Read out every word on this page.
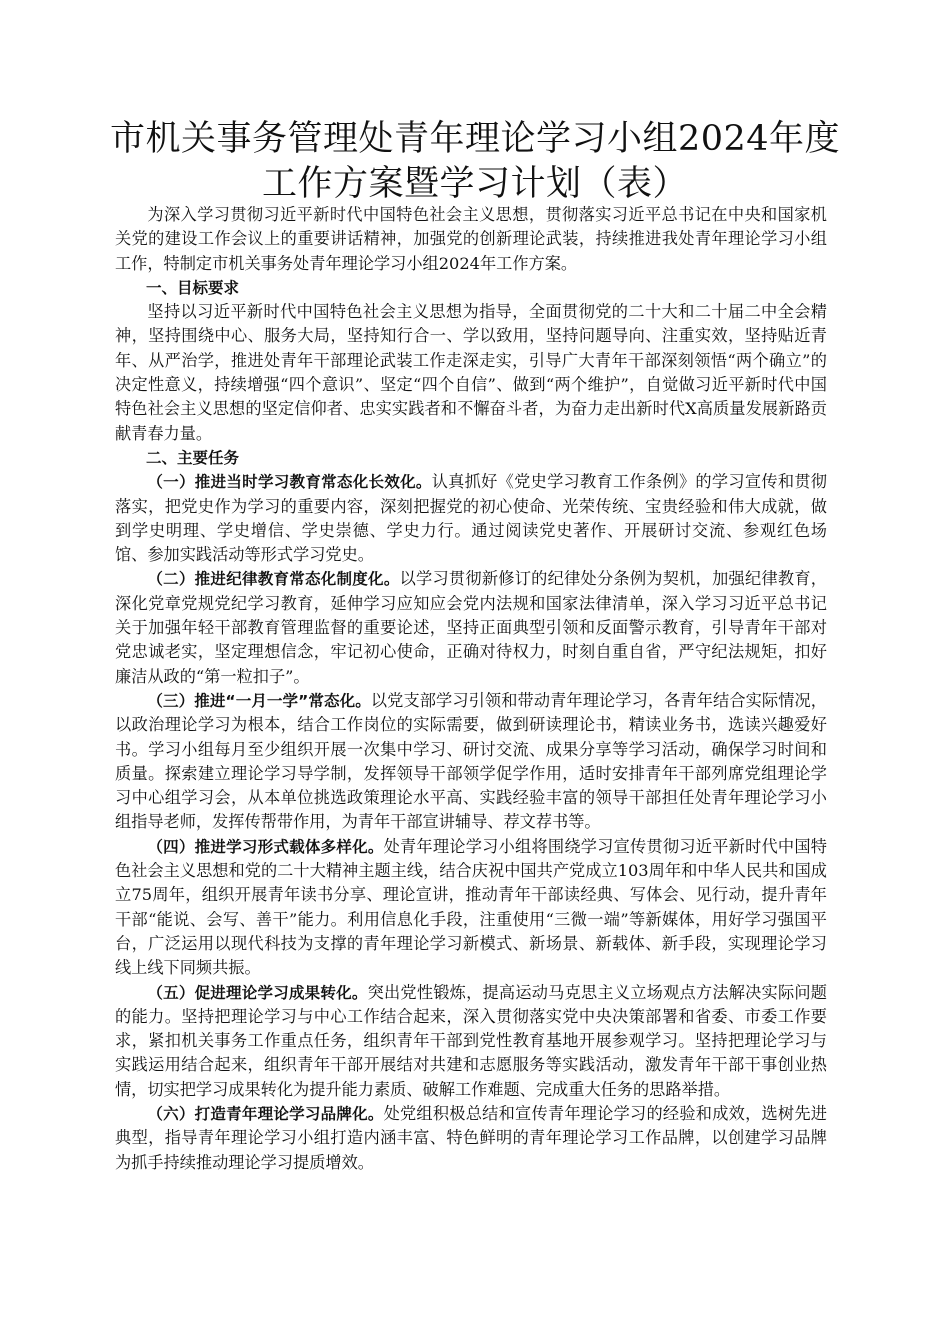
市机关事务管理处青年理论学习小组2024年度
工作方案暨学习计划（表）

为深入学习贯彻习近平新时代中国特色社会主义思想，贯彻落实习近平总书记在中央和国家机关党的建设工作会议上的重要讲话精神，加强党的创新理论武装，持续推进我处青年理论学习小组工作，特制定市机关事务处青年理论学习小组2024年工作方案。

一、目标要求

坚持以习近平新时代中国特色社会主义思想为指导，全面贯彻党的二十大和二十届二中全会精神，坚持围绕中心、服务大局，坚持知行合一、学以致用，坚持问题导向、注重实效，坚持贴近青年、从严治学，推进处青年干部理论武装工作走深走实，引导广大青年干部深刻领悟“两个确立”的决定性意义，持续增强“四个意识”、坚定“四个自信”、做到“两个维护”，自觉做习近平新时代中国特色社会主义思想的坚定信仰者、忠实实践者和不懈奋斗者，为奋力走出新时代X高质量发展新路贡献青春力量。

二、主要任务

（一）推进当时学习教育常态化长效化。认真抓好《党史学习教育工作条例》的学习宣传和贯彻落实，把党史作为学习的重要内容，深刻把握党的初心使命、光荣传统、宝贵经验和伟大成就，做到学史明理、学史增信、学史崇德、学史力行。通过阅读党史著作、开展研讨交流、参观红色场馆、参加实践活动等形式学习党史。

（二）推进纪律教育常态化制度化。以学习贯彻新修订的纪律处分条例为契机，加强纪律教育，深化党章党规党纪学习教育，延伸学习应知应会党内法规和国家法律清单，深入学习习近平总书记关于加强年轻干部教育管理监督的重要论述，坚持正面典型引领和反面警示教育，引导青年干部对党忠诚老实，坚定理想信念，牢记初心使命，正确对待权力，时刻自重自省，严守纪法规矩，扣好廉洁从政的“第一粒扣子”。

（三）推进“一月一学”常态化。以党支部学习引领和带动青年理论学习，各青年结合实际情况，以政治理论学习为根本，结合工作岗位的实际需要，做到研读理论书，精读业务书，选读兴趣爱好书。学习小组每月至少组织开展一次集中学习、研讨交流、成果分享等学习活动，确保学习时间和质量。探索建立理论学习导学制，发挥领导干部领学促学作用，适时安排青年干部列席党组理论学习中心组学习会，从本单位挑选政策理论水平高、实践经验丰富的领导干部担任处青年理论学习小组指导老师，发挥传帮带作用，为青年干部宣讲辅导、荐文荐书等。

（四）推进学习形式载体多样化。处青年理论学习小组将围绕学习宣传贯彻习近平新时代中国特色社会主义思想和党的二十大精神主题主线，结合庆祝中国共产党成立103周年和中华人民共和国成立75周年，组织开展青年读书分享、理论宣讲，推动青年干部读经典、写体会、见行动，提升青年干部“能说、会写、善干”能力。利用信息化手段，注重使用“三微一端”等新媒体，用好学习强国平台，广泛运用以现代科技为支撑的青年理论学习新模式、新场景、新载体、新手段，实现理论学习线上线下同频共振。

（五）促进理论学习成果转化。突出党性锻炼，提高运动马克思主义立场观点方法解决实际问题的能力。坚持把理论学习与中心工作结合起来，深入贯彻落实党中央决策部署和省委、市委工作要求，紧扣机关事务工作重点任务，组织青年干部到党性教育基地开展参观学习。坚持把理论学习与实践运用结合起来，组织青年干部开展结对共建和志愿服务等实践活动，激发青年干部干事创业热情，切实把学习成果转化为提升能力素质、破解工作难题、完成重大任务的思路举措。

（六）打造青年理论学习品牌化。处党组积极总结和宣传青年理论学习的经验和成效，选树先进典型，指导青年理论学习小组打造内涵丰富、特色鲜明的青年理论学习工作品牌，以创建学习品牌为抓手持续推动理论学习提质增效。
